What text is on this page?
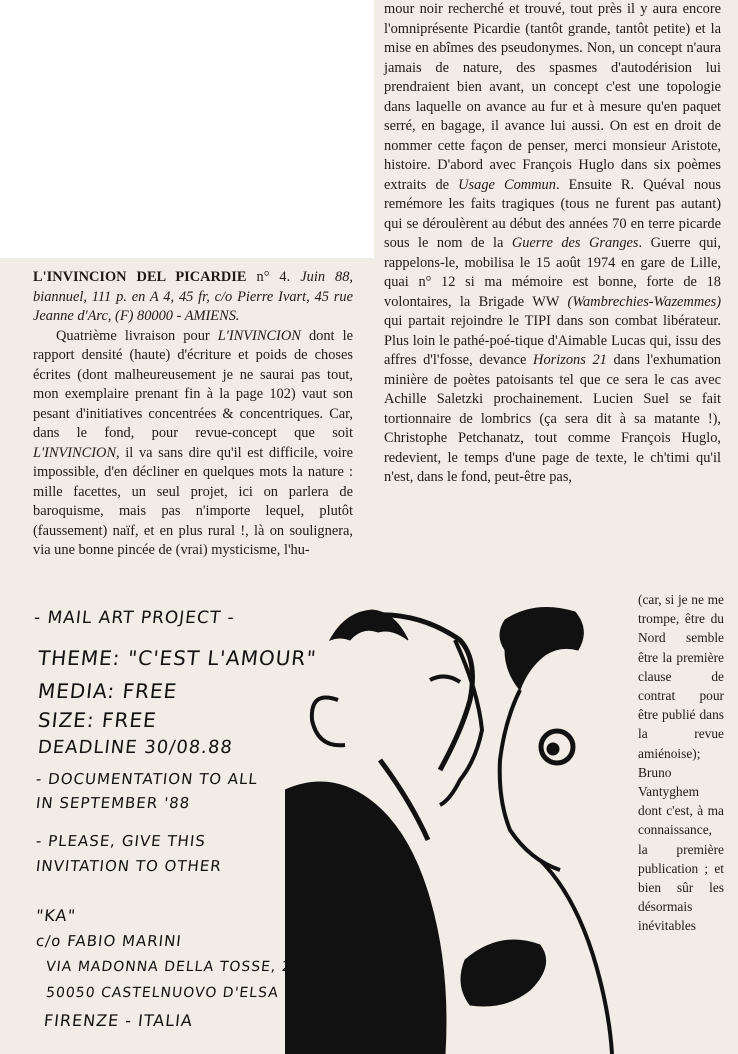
L'INVINCION DEL PICARDIE n° 4. Juin 88, biannuel, 111 p. en A 4, 45 fr, c/o Pierre Ivart, 45 rue Jeanne d'Arc, (F) 80000 - AMIENS.

Quatrième livraison pour L'INVINCION dont le rapport densité (haute) d'écriture et poids de choses écrites (dont malheureusement je ne saurai pas tout, mon exemplaire prenant fin à la page 102) vaut son pesant d'initiatives concentrées & concentriques. Car, dans le fond, pour revue-concept que soit L'INVINCION, il va sans dire qu'il est difficile, voire impossible, d'en décliner en quelques mots la nature : mille facettes, un seul projet, ici on parlera de baroquisme, mais pas n'importe lequel, plutôt (faussement) naïf, et en plus rural !, là on soulignera, via une bonne pincée de (vrai) mysticisme, l'hu-

mour noir recherché et trouvé, tout près il y aura encore l'omniprésente Picardie (tantôt grande, tantôt petite) et la mise en abîmes des pseudonymes. Non, un concept n'aura jamais de nature, des spasmes d'autodérision lui prendraient bien avant, un concept c'est une topologie dans laquelle on avance au fur et à mesure qu'en paquet serré, en bagage, il avance lui aussi. On est en droit de nommer cette façon de penser, merci monsieur Aristote, histoire. D'abord avec François Huglo dans six poèmes extraits de Usage Commun. Ensuite R. Quéval nous remémore les faits tragiques (tous ne furent pas autant) qui se déroulèrent au début des années 70 en terre picarde sous le nom de la Guerre des Granges. Guerre qui, rappelons-le, mobilisa le 15 août 1974 en gare de Lille, quai n° 12 si ma mémoire est bonne, forte de 18 volontaires, la Brigade WW (Wambrechies-Wazemmes) qui partait rejoindre le TIPI dans son combat libérateur. Plus loin le pathé-poé-tique d'Aimable Lucas qui, issu des affres d'l'fosse, devance Horizons 21 dans l'exhumation minière de poètes patoisants tel que ce sera le cas avec Achille Saletzki prochainement. Lucien Suel se fait tortionnaire de lombrics (ça sera dit à sa matante !), Christophe Petchanatz, tout comme François Huglo, redevient, le temps d'une page de texte, le ch'timi qu'il n'est, dans le fond, peut-être pas,

(car, si je ne me trompe, être du Nord semble être la première clause de contrat pour être publié dans la revue amiénoise); Bruno Vantyghem dont c'est, à ma connaissance, la première publication ; et bien sûr les désormais inévitables

- MAIL ART PROJECT -
THEME: "C'EST L'AMOUR"
MEDIA: FREE
SIZE: FREE
DEADLINE 30/08.88
- DOCUMENTATION TO ALL
IN SEPTEMBER '88
- PLEASE, GIVE THIS
INVITATION TO OTHER
"KA"
c/o FABIO MARINI
VIA MADONNA DELLA TOSSE, 26
50050 CASTELNUOVO D'ELSA
FIRENZE - ITALIA
